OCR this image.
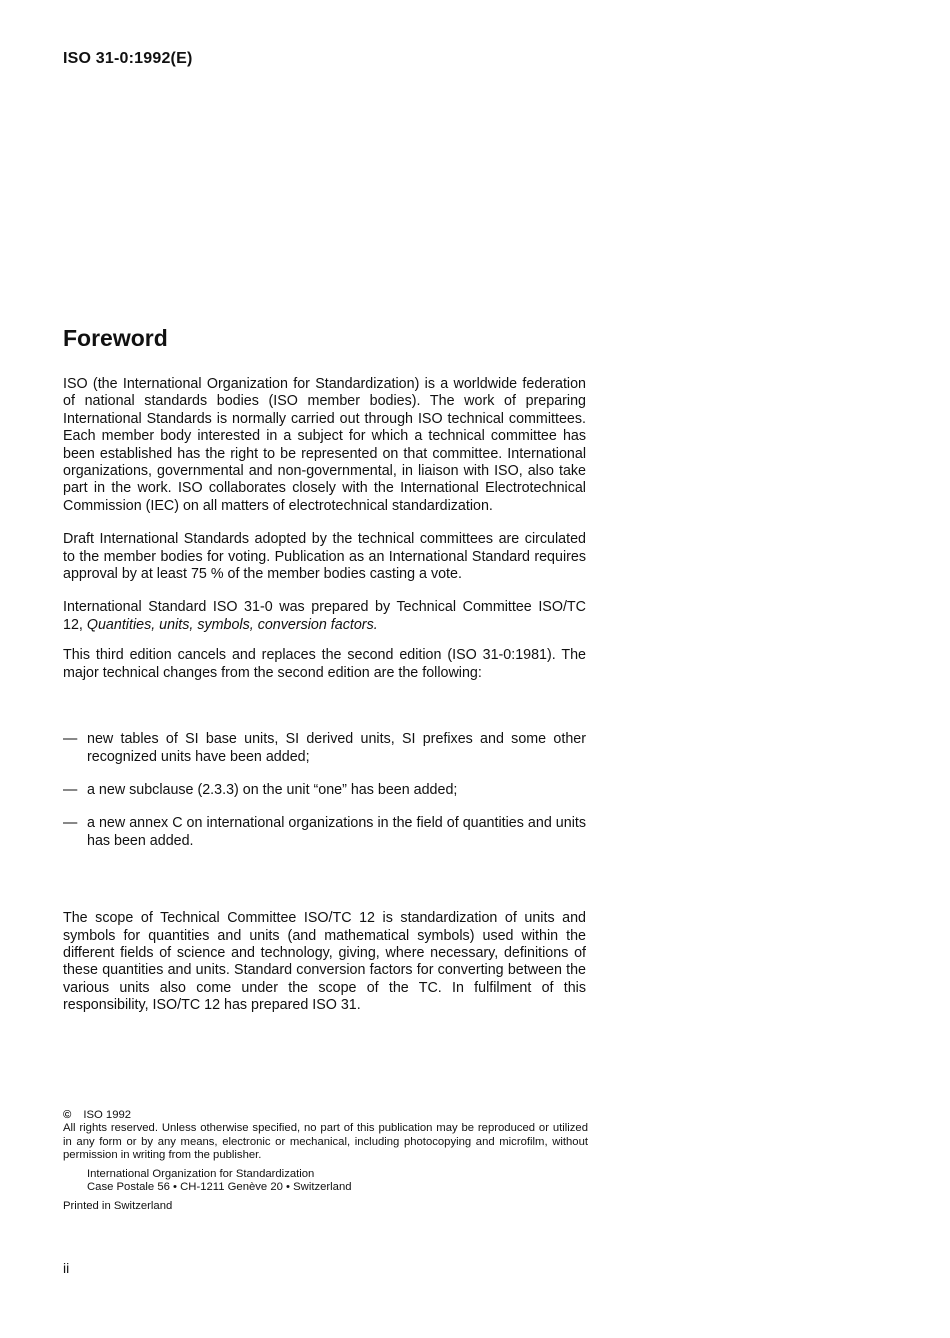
ISO 31-0:1992(E)
Foreword

ISO (the International Organization for Standardization) is a worldwide federation of national standards bodies (ISO member bodies). The work of preparing International Standards is normally carried out through ISO technical committees. Each member body interested in a subject for which a technical committee has been established has the right to be represented on that committee. International organizations, governmental and non-governmental, in liaison with ISO, also take part in the work. ISO collaborates closely with the International Electrotechnical Commission (IEC) on all matters of electrotechnical standardization.

Draft International Standards adopted by the technical committees are circulated to the member bodies for voting. Publication as an International Standard requires approval by at least 75 % of the member bodies casting a vote.

International Standard ISO 31-0 was prepared by Technical Committee ISO/TC 12, Quantities, units, symbols, conversion factors.

This third edition cancels and replaces the second edition (ISO 31-0:1981). The major technical changes from the second edition are the following:

— new tables of SI base units, SI derived units, SI prefixes and some other recognized units have been added;
— a new subclause (2.3.3) on the unit “one” has been added;
— a new annex C on international organizations in the field of quantities and units has been added.

The scope of Technical Committee ISO/TC 12 is standardization of units and symbols for quantities and units (and mathematical symbols) used within the different fields of science and technology, giving, where necessary, definitions of these quantities and units. Standard conversion factors for converting between the various units also come under the scope of the TC. In fulfilment of this responsibility, ISO/TC 12 has prepared ISO 31.

© ISO 1992
All rights reserved. Unless otherwise specified, no part of this publication may be reproduced or utilized in any form or by any means, electronic or mechanical, including photocopying and microfilm, without permission in writing from the publisher.
International Organization for Standardization
Case Postale 56 • CH-1211 Genève 20 • Switzerland
Printed in Switzerland
ii
